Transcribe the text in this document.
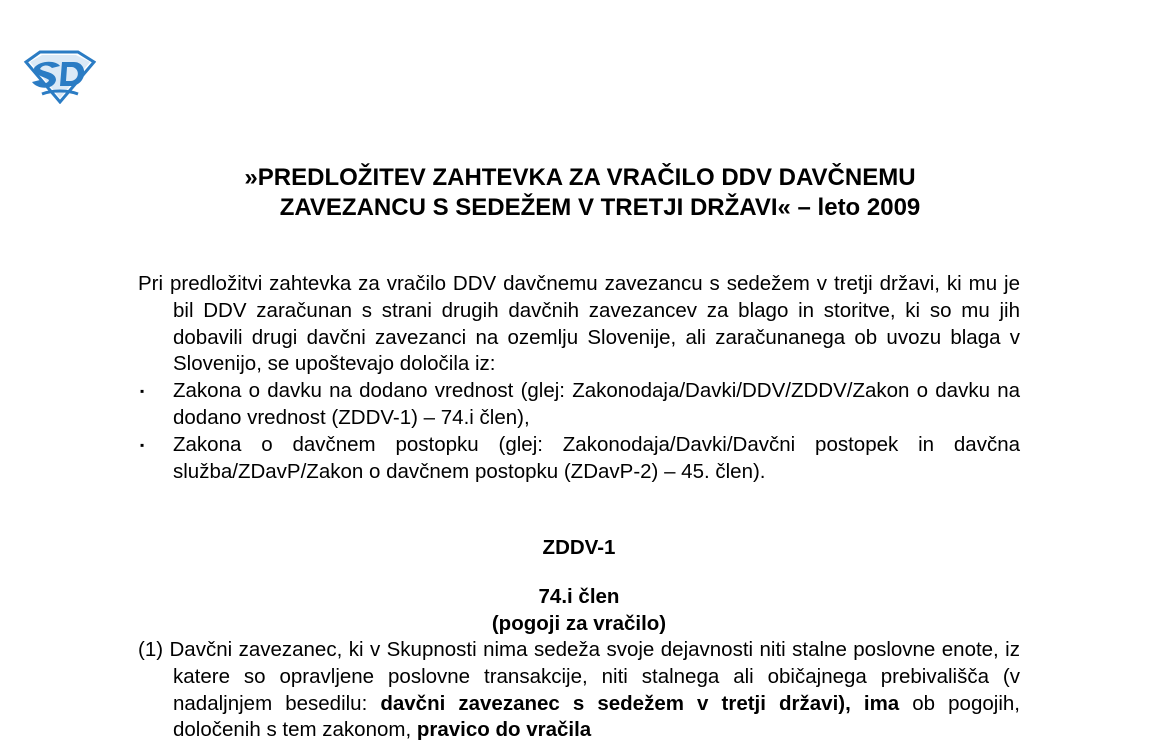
»PREDLOŽITEV ZAHTEVKA ZA VRAČILO DDV DAVČNEMU
ZAVEZANCU S SEDEŽEM V TRETJI DRŽAVI« – leto 2009

Pri predložitvi zahtevka za vračilo DDV davčnemu zavezancu s sedežem v tretji državi, ki mu je bil DDV zaračunan s strani drugih davčnih zavezancev za blago in storitve, ki so mu jih dobavili drugi davčni zavezanci na ozemlju Slovenije, ali zaračunanega ob uvozu blaga v Slovenijo, se upoštevajo določila iz:

▪ Zakona o davku na dodano vrednost (glej: Zakonodaja/Davki/DDV/ZDDV/Zakon o davku na dodano vrednost (ZDDV-1) – 74.i člen),

▪ Zakona o davčnem postopku (glej: Zakonodaja/Davki/Davčni postopek in davčna služba/ZDavP/Zakon o davčnem postopku (ZDavP-2) – 45. člen).

ZDDV-1
74.i člen
(pogoji za vračilo)

(1) Davčni zavezanec, ki v Skupnosti nima sedeža svoje dejavnosti niti stalne poslovne enote, iz katere so opravljene poslovne transakcije, niti stalnega ali običajnega prebivališča (v nadaljnjem besedilu: davčni zavezanec s sedežem v tretji državi), ima ob pogojih, določenih s tem zakonom, pravico do vračila
